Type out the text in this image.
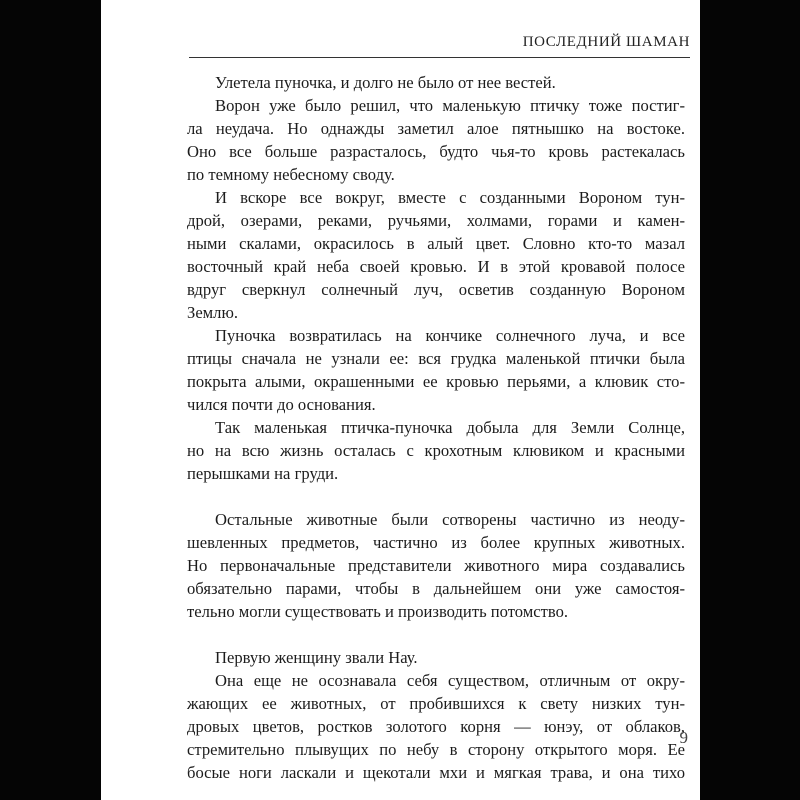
ПОСЛЕДНИЙ ШАМАН
Улетела пуночка, и долго не было от нее вестей.
Ворон уже было решил, что маленькую птичку тоже постиг-
ла неудача. Но однажды заметил алое пятнышко на востоке.
Оно все больше разрасталось, будто чья-то кровь растекалась
по темному небесному своду.
И вскоре все вокруг, вместе с созданными Вороном тун-
дрой, озерами, реками, ручьями, холмами, горами и камен-
ными скалами, окрасилось в алый цвет. Словно кто-то мазал
восточный край неба своей кровью. И в этой кровавой полосе
вдруг сверкнул солнечный луч, осветив созданную Вороном
Землю.
Пуночка возвратилась на кончике солнечного луча, и все
птицы сначала не узнали ее: вся грудка маленькой птички была
покрыта алыми, окрашенными ее кровью перьями, а клювик сто-
чился почти до основания.
Так маленькая птичка-пуночка добыла для Земли Солнце,
но на всю жизнь осталась с крохотным клювиком и красными
перышками на груди.
Остальные животные были сотворены частично из неоду-
шевленных предметов, частично из более крупных животных.
Но первоначальные представители животного мира создавались
обязательно парами, чтобы в дальнейшем они уже самостоя-
тельно могли существовать и производить потомство.
Первую женщину звали Нау.
Она еще не осознавала себя существом, отличным от окру-
жающих ее животных, от пробившихся к свету низких тун-
дровых цветов, ростков золотого корня — юнэу, от облаков,
стремительно плывущих по небу в сторону открытого моря. Ее
босые ноги ласкали и щекотали мхи и мягкая трава, и она тихо
9
